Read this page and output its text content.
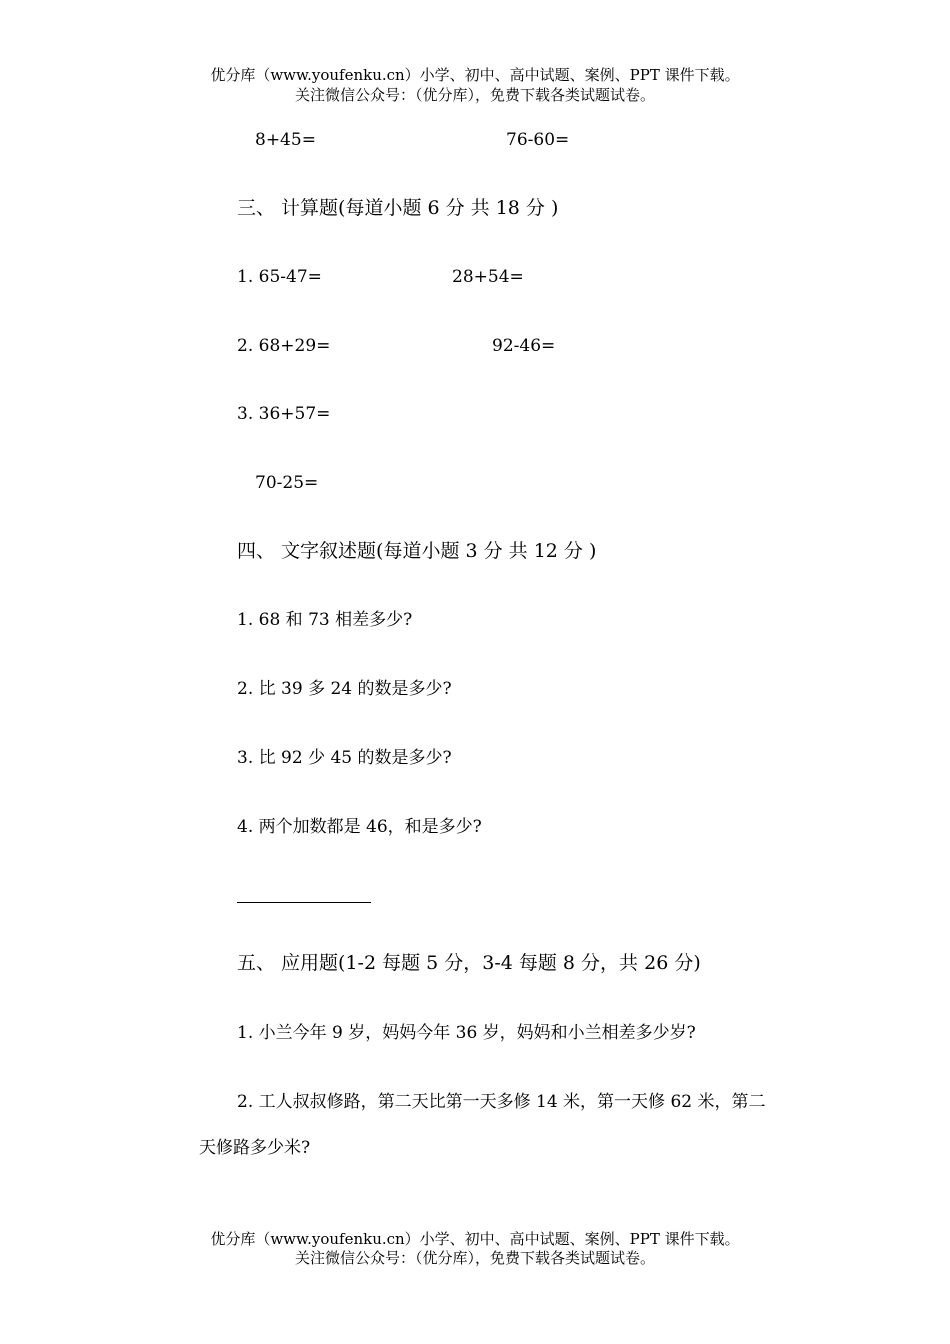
优分库（www.youfenku.cn）小学、初中、高中试题、案例、PPT 课件下载。
关注微信公众号：（优分库），免费下载各类试题试卷。
8+45=	76-60=
三、 计算题(每道小题 6 分 共 18 分 )
1. 65-47=	28+54=
2. 68+29=	92-46=
3. 36+57=
70-25=
四、 文字叙述题(每道小题 3 分 共 12 分 )
1. 68 和 73 相差多少?
2. 比 39 多 24 的数是多少?
3. 比 92 少 45 的数是多少?
4. 两个加数都是 46，和是多少?
五、 应用题(1-2 每题 5 分，3-4 每题 8 分，共 26 分)
1. 小兰今年 9 岁，妈妈今年 36 岁，妈妈和小兰相差多少岁?
2. 工人叔叔修路，第二天比第一天多修 14 米，第一天修 62 米，第二
天修路多少米?
优分库（www.youfenku.cn）小学、初中、高中试题、案例、PPT 课件下载。
关注微信公众号：（优分库），免费下载各类试题试卷。
